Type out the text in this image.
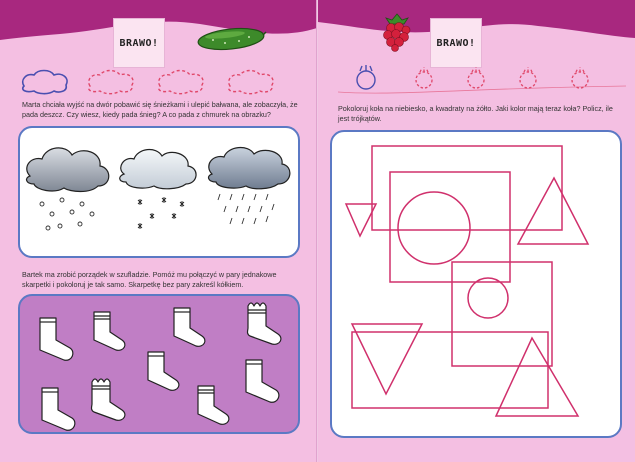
BRAWO!
Marta chciała wyjść na dwór pobawić się śnieżkami i ulepić bałwana, ale zobaczyła, że pada deszcz. Czy wiesz, kiedy pada śnieg? A co pada z chmurek na obrazku?
Bartek ma zrobić porządek w szufladzie. Pomóż mu połączyć w pary jednakowe skarpetki i pokoloruj je tak samo. Skarpetkę bez pary zakreśl kółkiem.
BRAWO!
Pokoloruj koła na niebiesko, a kwadraty na żółto. Jaki kolor mają teraz koła? Policz, ile jest trójkątów.
